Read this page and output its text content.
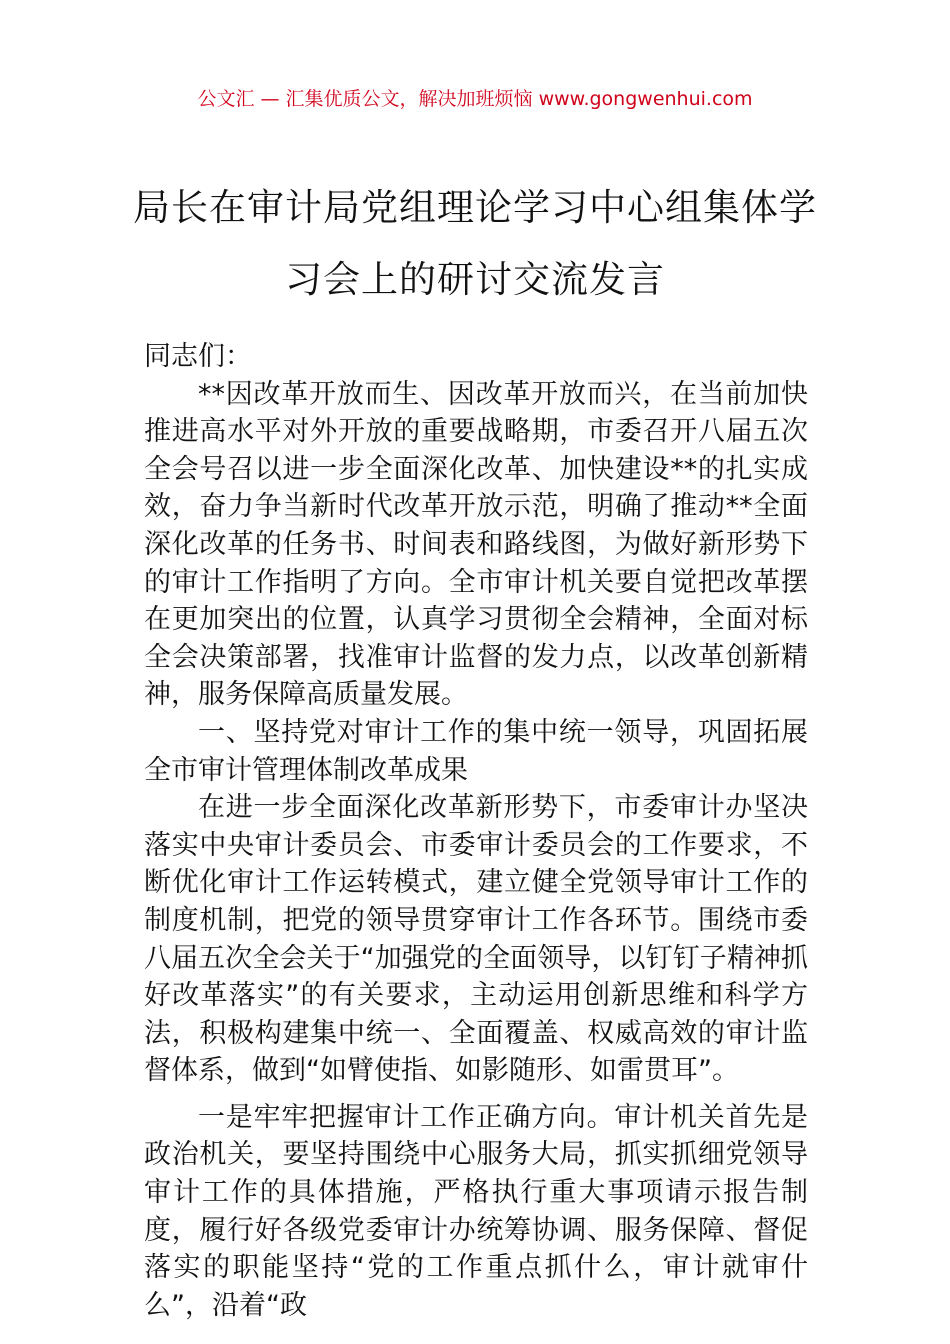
公文汇 — 汇集优质公文，解决加班烦恼 www.gongwenhui.com
局长在审计局党组理论学习中心组集体学习会上的研讨交流发言

同志们：

**因改革开放而生、因改革开放而兴，在当前加快推进高水平对外开放的重要战略期，市委召开八届五次全会号召以进一步全面深化改革、加快建设**的扎实成效，奋力争当新时代改革开放示范，明确了推动**全面深化改革的任务书、时间表和路线图，为做好新形势下的审计工作指明了方向。全市审计机关要自觉把改革摆在更加突出的位置，认真学习贯彻全会精神，全面对标全会决策部署，找准审计监督的发力点，以改革创新精神，服务保障高质量发展。

一、坚持党对审计工作的集中统一领导，巩固拓展全市审计管理体制改革成果

在进一步全面深化改革新形势下，市委审计办坚决落实中央审计委员会、市委审计委员会的工作要求，不断优化审计工作运转模式，建立健全党领导审计工作的制度机制，把党的领导贯穿审计工作各环节。围绕市委八届五次全会关于“加强党的全面领导，以钉钉子精神抓好改革落实”的有关要求，主动运用创新思维和科学方法，积极构建集中统一、全面覆盖、权威高效的审计监督体系，做到“如臂使指、如影随形、如雷贯耳”。

一是牢牢把握审计工作正确方向。审计机关首先是政治机关，要坚持围绕中心服务大局，抓实抓细党领导审计工作的具体措施，严格执行重大事项请示报告制度，履行好各级党委审计办统筹协调、服务保障、督促落实的职能坚持“党的工作重点抓什么，审计就审什么”，沿着“政
